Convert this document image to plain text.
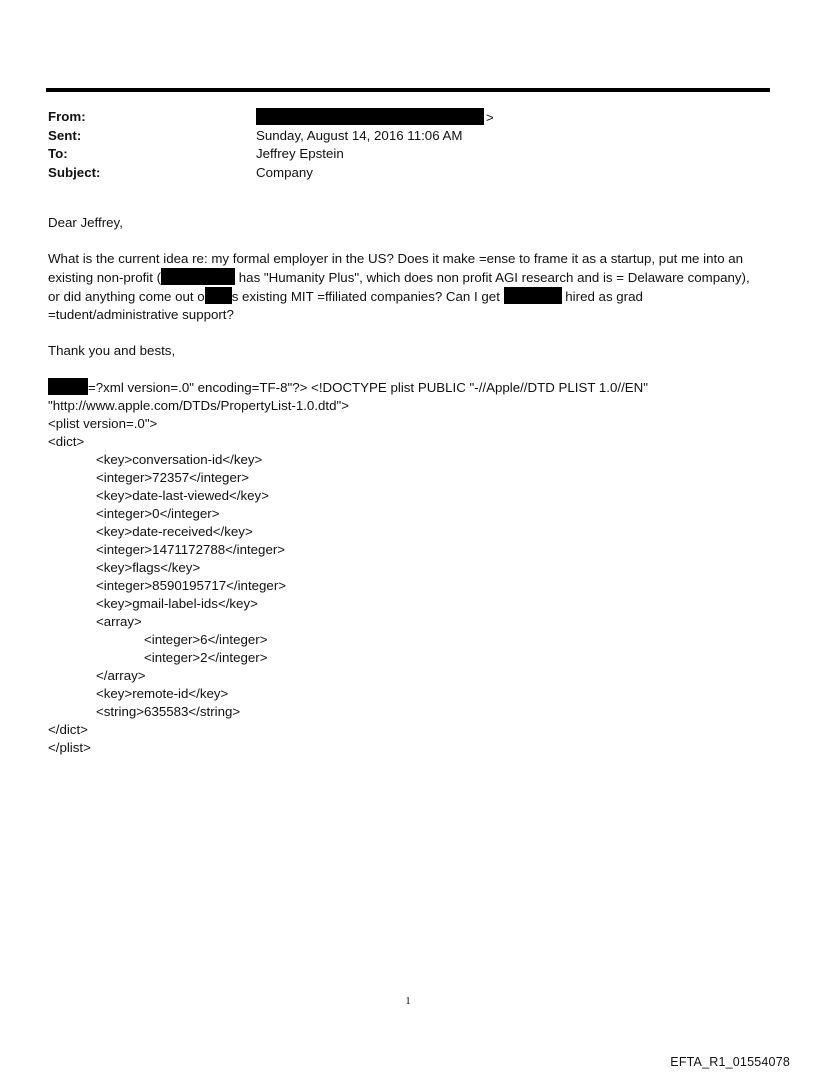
From:	>
Sent:	Sunday, August 14, 2016 11:06 AM
To:	Jeffrey Epstein
Subject:	Company

Dear Jeffrey,

What is the current idea re: my formal employer in the US? Does it make =ense to frame it as a startup, put me into an

existing non-profit (	has "Humanity Plus", which does non profit AGI research and is = Delaware company),

or did anything come out o s existing MIT =ffiliated companies? Can I get	hired as grad

=tudent/administrative support?

Thank you and bests,

=?xml version=.0" encoding=TF-8"?> <!DOCTYPE plist PUBLIC "-//Apple//DTD PLIST 1.0//EN"

"http://www.apple.com/DTDs/PropertyList-1.0.dtd">

<plist version=.0">

<dict>

<key>conversation-id</key>

<integer>72357</integer>

<key>date-last-viewed</key>

<integer>0</integer>

<key>date-received</key>

<integer>1471172788</integer>

<key>flags</key>

<integer>8590195717</integer>

<key>gmail-label-ids</key>

<array>

<integer>6</integer>

<integer>2</integer>

</array>

<key>remote-id</key>

<string>635583</string>

</dict>

</plist>

1
EFTA_R1_01554078
